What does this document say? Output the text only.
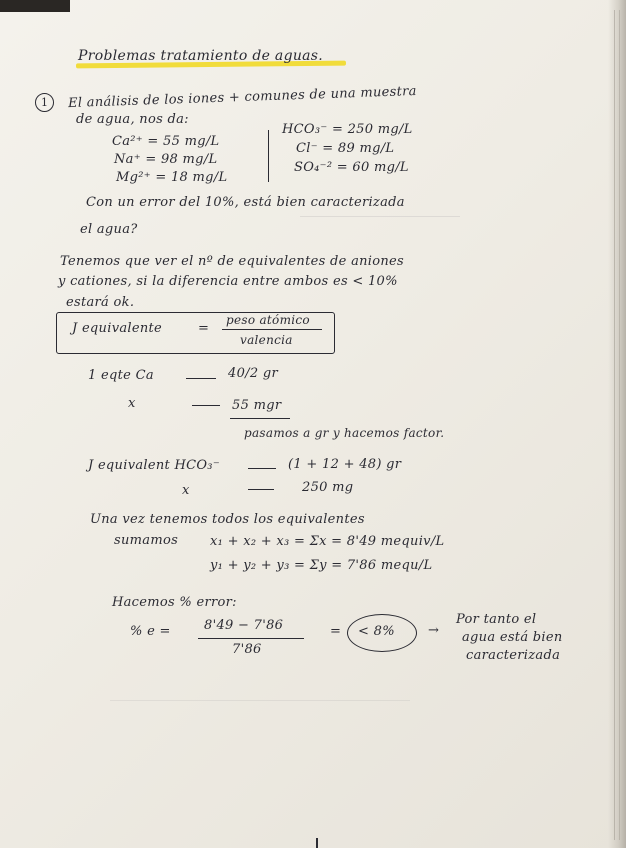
Problemas tratamiento de aguas.
1	El análisis de los iones + comunes de una muestra
de agua, nos da:
Ca²⁺ = 55 mg/L
Na⁺ = 98 mg/L
Mg²⁺ = 18 mg/L
HCO₃⁻ = 250 mg/L
Cl⁻ = 89 mg/L
SO₄⁻² = 60 mg/L
Con un error del 10%, está bien caracterizada
el agua?
Tenemos que ver el nº de equivalentes de aniones
y cationes, si la diferencia entre ambos es < 10%
estará ok.
J equivalente	=
peso atómico
valencia
1 eqte Ca	40/2 gr
x	55 mgr
pasamos a gr y hacemos factor.
J equivalent HCO₃⁻	(1 + 12 + 48) gr
x	250 mg
Una vez tenemos todos los equivalentes
sumamos x₁ + x₂ + x₃ = Σx = 8'49 mequiv/L
y₁ + y₂ + y₃ = Σy = 7'86 mequ/L
Hacemos % error:
% e =	8'49 − 7'86
7'86
= < 8%	→
Por tanto el
agua está bien
caracterizada
